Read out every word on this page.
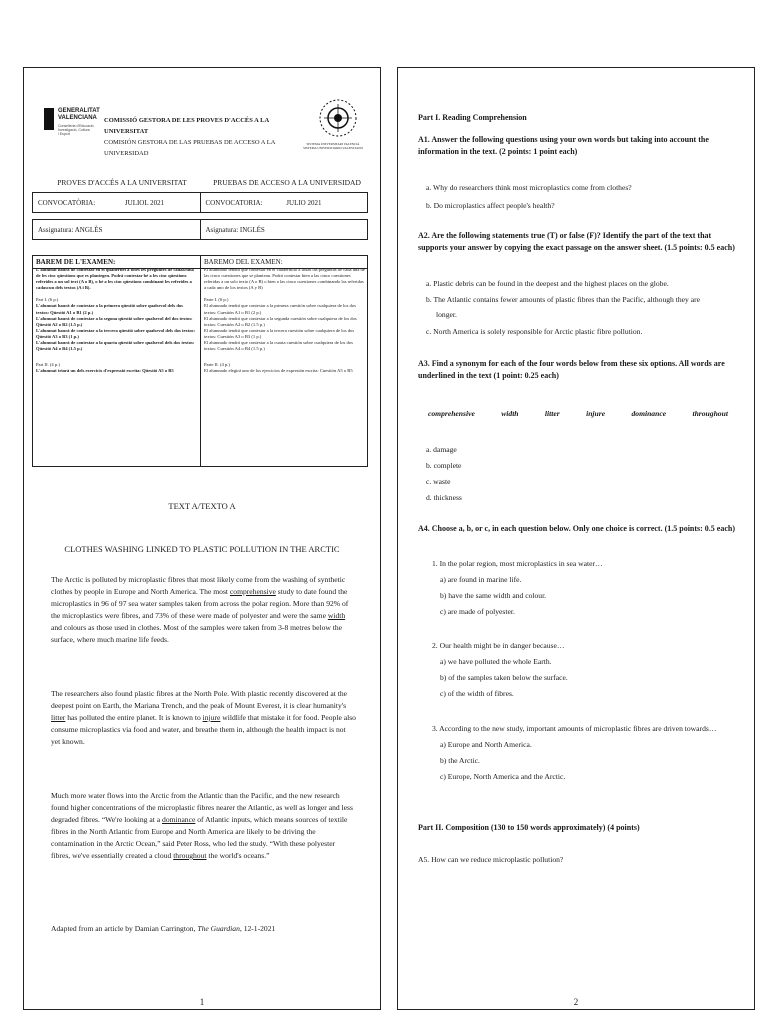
GENERALITAT
VALENCIANA
Conselleria d'Educació,
Investigació, Cultura
i Esport
COMISSIÓ GESTORA DE LES PROVES D'ACCÉS A LA UNIVERSITAT
COMISIÓN GESTORA DE LAS PRUEBAS DE ACCESO A LA UNIVERSIDAD
SISTEMA UNIVERSITARI VALENCIÀ
SISTEMA UNIVERSITARIO VALENCIANO
PROVES D'ACCÉS A LA UNIVERSITAT	PRUEBAS DE ACCESO A LA UNIVERSIDAD
CONVOCATÒRIA: JULIOL 2021	CONVOCATORIA: JULIO 2021

Assignatura: ANGLÈS	Asignatura: INGLÉS
BAREM DE L'EXAMEN:

L'alumnat haurà de contestar en el quadernet a totes les preguntes de cadascuna de les cinc qüestions que es plantegen. Podrà contestar bé a les cinc qüestions referides a un sol text (A o B), o bé a les cinc qüestions combinant les referides a cadascun dels textos (A i B).

Part I. (6 p.)

L'alumnat haurà de contestar a la primera qüestió sobre qualsevol dels dos textos: Qüestió A1 o B1 (2 p.)

L'alumnat haurà de contestar a la segona qüestió sobre qualsevol del dos textos: Qüestió A2 o B2 (1.5 p.)

L'alumnat haurà de contestar a la tercera qüestió sobre qualsevol dels dos textos: Qüestió A3 o B3 (1 p.)

L'alumnat haurà de contestar a la quarta qüestió sobre qualsevol dels dos textos: Qüestió A4 o B4 (1.5 p.)

Part II. (4 p.)

L'alumnat triarà un dels exercicis d'expressió escrita: Qüestió A5 o B5

BAREMO DEL EXAMEN:

El alumnado tendrá que contestar en el cuadernillo a todas las preguntas de cada una de las cinco cuestiones que se plantean. Podrá contestar bien a las cinco cuestiones referidas a un solo texto (A o B) o bien a las cinco cuestiones combinando las referidas a cada uno de los textos (A y B)

Parte I. (6 p.)

El alumnado tendrá que contestar a la primera cuestión sobre cualquiera de los dos textos: Cuestión A1 o B1 (2 p.)

El alumnado tendrá que contestar a la segunda cuestión sobre cualquiera de los dos textos: Cuestión A2 o B2 (1.5 p.)

El alumnado tendrá que contestar a la tercera cuestión sobre cualquiera de los dos textos: Cuestión A3 o B3 (1 p.)

El alumnado tendrá que contestar a la cuarta cuestión sobre cualquiera de los dos textos: Cuestión A4 o B4 (1.5 p.)

Parte II. (4 p.)

El alumnado elegirá uno de los ejercicios de expresión escrita: Cuestión A5 o B5

TEXT A/TEXTO A
CLOTHES WASHING LINKED TO PLASTIC POLLUTION IN THE ARCTIC

The Arctic is polluted by microplastic fibres that most likely come from the washing of synthetic clothes by people in Europe and North America. The most comprehensive study to date found the microplastics in 96 of 97 sea water samples taken from across the polar region. More than 92% of the microplastics were fibres, and 73% of these were made of polyester and were the same width and colours as those used in clothes. Most of the samples were taken from 3-8 metres below the surface, where much marine life feeds.

The researchers also found plastic fibres at the North Pole. With plastic recently discovered at the deepest point on Earth, the Mariana Trench, and the peak of Mount Everest, it is clear humanity's litter has polluted the entire planet. It is known to injure wildlife that mistake it for food. People also consume microplastics via food and water, and breathe them in, although the health impact is not yet known.

Much more water flows into the Arctic from the Atlantic than the Pacific, and the new research found higher concentrations of the microplastic fibres nearer the Atlantic, as well as longer and less degraded fibres. “We're looking at a dominance of Atlantic inputs, which means sources of textile fibres in the North Atlantic from Europe and North America are likely to be driving the contamination in the Arctic Ocean,” said Peter Ross, who led the study. “With these polyester fibres, we've essentially created a cloud throughout the world's oceans.”

Adapted from an article by Damian Carrington, The Guardian, 12-1-2021
1

Part I. Reading Comprehension

A1. Answer the following questions using your own words but taking into account the information in the text. (2 points: 1 point each)

a. Why do researchers think most microplastics come from clothes?

b. Do microplastics affect people's health?

A2. Are the following statements true (T) or false (F)? Identify the part of the text that supports your answer by copying the exact passage on the answer sheet. (1.5 points: 0.5 each)

a. Plastic debris can be found in the deepest and the highest places on the globe.

b. The Atlantic contains fewer amounts of plastic fibres than the Pacific, although they are

longer.

c. North America is solely responsible for Arctic plastic fibre pollution.

A3. Find a synonym for each of the four words below from these six options. All words are underlined in the text (1 point: 0.25 each)

comprehensive	width	litter	injure	dominance	throughout

a. damage

b. complete

c. waste

d. thickness

A4. Choose a, b, or c, in each question below. Only one choice is correct. (1.5 points: 0.5 each)

1. In the polar region, most microplastics in sea water…

a) are found in marine life.

b) have the same width and colour.

c) are made of polyester.

2. Our health might be in danger because…

a) we have polluted the whole Earth.

b) of the samples taken below the surface.

c) of the width of fibres.

3. According to the new study, important amounts of microplastic fibres are driven towards…

a) Europe and North America.

b) the Arctic.

c) Europe, North America and the Arctic.

Part II. Composition (130 to 150 words approximately) (4 points)

A5. How can we reduce microplastic pollution?

2
